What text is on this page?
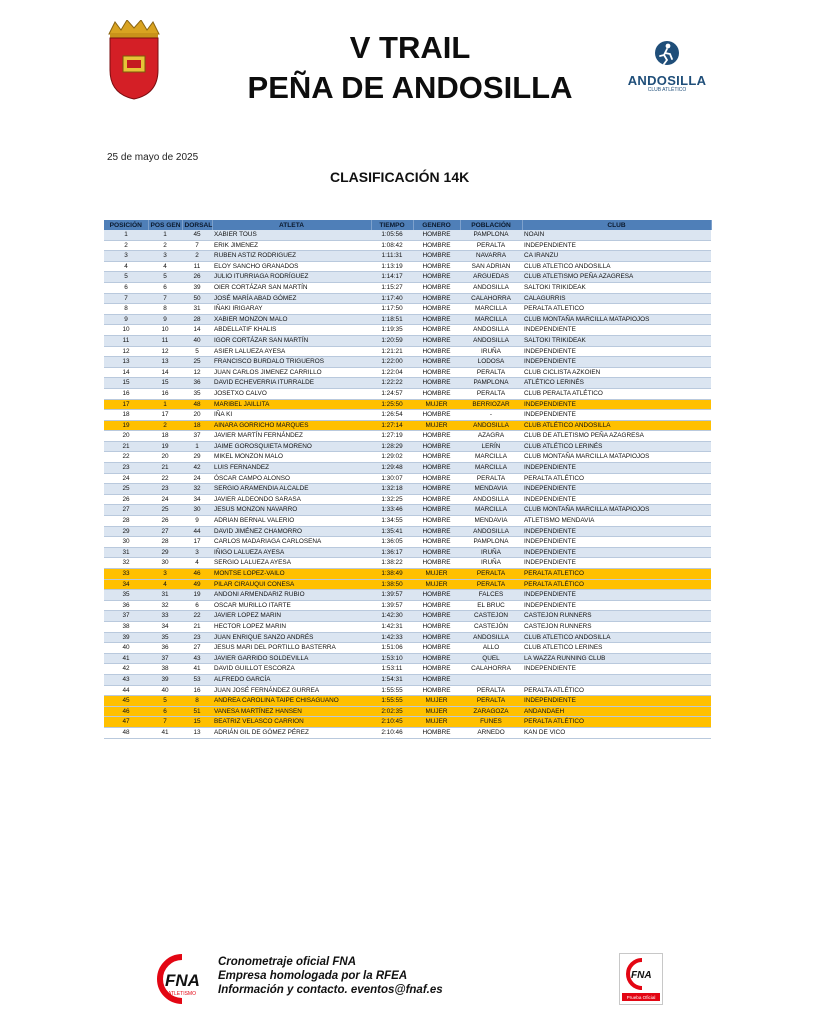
V TRAIL
PEÑA DE ANDOSILLA	ANDOSILLA
CLUB ATLÉTICO
25 de mayo de 2025
CLASIFICACIÓN 14K
POSICIÓN	POS GEN	DORSAL	ATLETA	TIEMPO	GENERO	POBLACIÓN	CLUB
1	1	45	XABIER TOUS	1:05:56	HOMBRE	PAMPLONA	NOAIN
2	2	7	ERIK JIMENEZ	1:08:42	HOMBRE	PERALTA	INDEPENDIENTE
3	3	2	RUBEN ASTIZ RODRIGUEZ	1:11:31	HOMBRE	NAVARRA	CA IRANZU
4	4	11	ELOY SANCHO GRANADOS	1:13:19	HOMBRE	SAN ADRIAN	CLUB ATLETICO ANDOSILLA
5	5	26	JULIO ITURRIAGA RODRÍGUEZ	1:14:17	HOMBRE	ARGUEDAS	CLUB ATLETISMO PEÑA AZAGRESA
6	6	39	OIER CORTÁZAR SAN MARTÍN	1:15:27	HOMBRE	ANDOSILLA	SALTOKI TRIKIDEAK
7	7	50	JOSÉ MARÍA ABAD GÓMEZ	1:17:40	HOMBRE	CALAHORRA	CALAGURRIS
8	8	31	IÑAKI IRIGARAY	1:17:50	HOMBRE	MARCILLA	PERALTA ATLETICO
9	9	28	XABIER MONZON MALO	1:18:51	HOMBRE	MARCILLA	CLUB MONTAÑA MARCILLA MATAPIOJOS
10	10	14	ABDELLATIF KHALIS	1:19:35	HOMBRE	ANDOSILLA	INDEPENDIENTE
11	11	40	IGOR CORTÁZAR SAN MARTÍN	1:20:59	HOMBRE	ANDOSILLA	SALTOKI TRIKIDEAK
12	12	5	ASIER LALUEZA AYESA	1:21:21	HOMBRE	IRUÑA	INDEPENDIENTE
13	13	25	FRANCISCO BURDALO TRIGUEROS	1:22:00	HOMBRE	LODOSA	INDEPENDIENTE
14	14	12	JUAN CARLOS JIMENEZ CARRILLO	1:22:04	HOMBRE	PERALTA	CLUB CICLISTA AZKOIEN
15	15	36	DAVID ECHEVERRIA ITURRALDE	1:22:22	HOMBRE	PAMPLONA	ATLÉTICO LERINÉS
16	16	35	JOSETXO CALVO	1:24:57	HOMBRE	PERALTA	CLUB PERALTA ATLÉTICO
17	1	48	MARIBEL JAILLITA	1:25:50	MUJER	BERRIOZAR	INDEPENDIENTE
18	17	20	IÑA KI	1:26:54	HOMBRE	-	INDEPENDIENTE
19	2	18	AINARA GORRICHO MARQUES	1:27:14	MUJER	ANDOSILLA	CLUB ATLÉTICO ANDOSILLA
20	18	37	JAVIER MARTÍN FERNÁNDEZ	1:27:19	HOMBRE	AZAGRA	CLUB DE ATLETISMO PEÑA AZAGRESA
21	19	1	JAIME GOROSQUIETA MORENO	1:28:29	HOMBRE	LERÍN	CLUB ATLÉTICO LERINÉS
22	20	29	MIKEL MONZON MALO	1:29:02	HOMBRE	MARCILLA	CLUB MONTAÑA MARCILLA MATAPIOJOS
23	21	42	LUIS FERNANDEZ	1:29:48	HOMBRE	MARCILLA	INDEPENDIENTE
24	22	24	ÓSCAR CAMPO ALONSO	1:30:07	HOMBRE	PERALTA	PERALTA ATLÉTICO
25	23	32	SERGIO ARAMENDIA ALCALDE	1:32:18	HOMBRE	MENDAVIA	INDEPENDIENTE
26	24	34	JAVIER ALDEONDO SARASA	1:32:25	HOMBRE	ANDOSILLA	INDEPENDIENTE
27	25	30	JESUS MONZON NAVARRO	1:33:46	HOMBRE	MARCILLA	CLUB MONTAÑA MARCILLA MATAPIOJOS
28	26	9	ADRIAN BERNAL VALERIO	1:34:55	HOMBRE	MENDAVIA	ATLETISMO MENDAVIA
29	27	44	DAVID JIMÉNEZ CHAMORRO	1:35:41	HOMBRE	ANDOSILLA	INDEPENDIENTE
30	28	17	CARLOS MADARIAGA CARLOSENA	1:36:05	HOMBRE	PAMPLONA	INDEPENDIENTE
31	29	3	IÑIGO LALUEZA AYESA	1:36:17	HOMBRE	IRUÑA	INDEPENDIENTE
32	30	4	SERGIO LALUEZA AYESA	1:38:22	HOMBRE	IRUÑA	INDEPENDIENTE
33	3	46	MONTSE LOPEZ-VAILO	1:38:49	MUJER	PERALTA	PERALTA ATLETICO
34	4	49	PILAR CIRAUQUI CONESA	1:38:50	MUJER	PERALTA	PERALTA ATLÉTICO
35	31	19	ANDONI ARMENDARIZ RUBIO	1:39:57	HOMBRE	FALCES	INDEPENDIENTE
36	32	6	OSCAR MURILLO ITARTE	1:39:57	HOMBRE	EL BRUC	INDEPENDIENTE
37	33	22	JAVIER LOPEZ MARIN	1:42:30	HOMBRE	CASTEJON	CASTEJON RUNNERS
38	34	21	HECTOR LOPEZ MARIN	1:42:31	HOMBRE	CASTEJÓN	CASTEJON RUNNERS
39	35	23	JUAN ENRIQUE SANZO ANDRÉS	1:42:33	HOMBRE	ANDOSILLA	CLUB ATLETICO ANDOSILLA
40	36	27	JESUS MARI DEL PORTILLO BASTERRA	1:51:06	HOMBRE	ALLO	CLUB ATLETICO LERINES
41	37	43	JAVIER GARRIDO SOLDEVILLA	1:53:10	HOMBRE	QUEL	LA WAZZA RUNNING CLUB
42	38	41	DAVID GUILLOT ESCORZA	1:53:11	HOMBRE	CALAHORRA	INDEPENDIENTE
43	39	53	ALFREDO GARCÍA	1:54:31	HOMBRE		
44	40	16	JUAN JOSÉ FERNÁNDEZ GURREA	1:55:55	HOMBRE	PERALTA	PERALTA ATLÉTICO
45	5	8	ANDREA CAROLINA TAIPE CHISAGUANO	1:55:55	MUJER	PERALTA	INDEPENDIENTE
46	6	51	VANESA MARTÍNEZ HANSEN	2:02:35	MUJER	ZARAGOZA	ANDANDAEH
47	7	15	BEATRIZ VELASCO CARRION	2:10:45	MUJER	FUNES	PERALTA ATLÉTICO
48	41	13	ADRIÁN GIL DE GÓMEZ PÉREZ	2:10:46	HOMBRE	ARNEDO	KAN DE VICO
FNA
ATLETISMO
Cronometraje oficial FNA
Empresa homologada por la RFEA
Información y contacto. eventos@fnaf.es
FNA
Prueba Oficial
